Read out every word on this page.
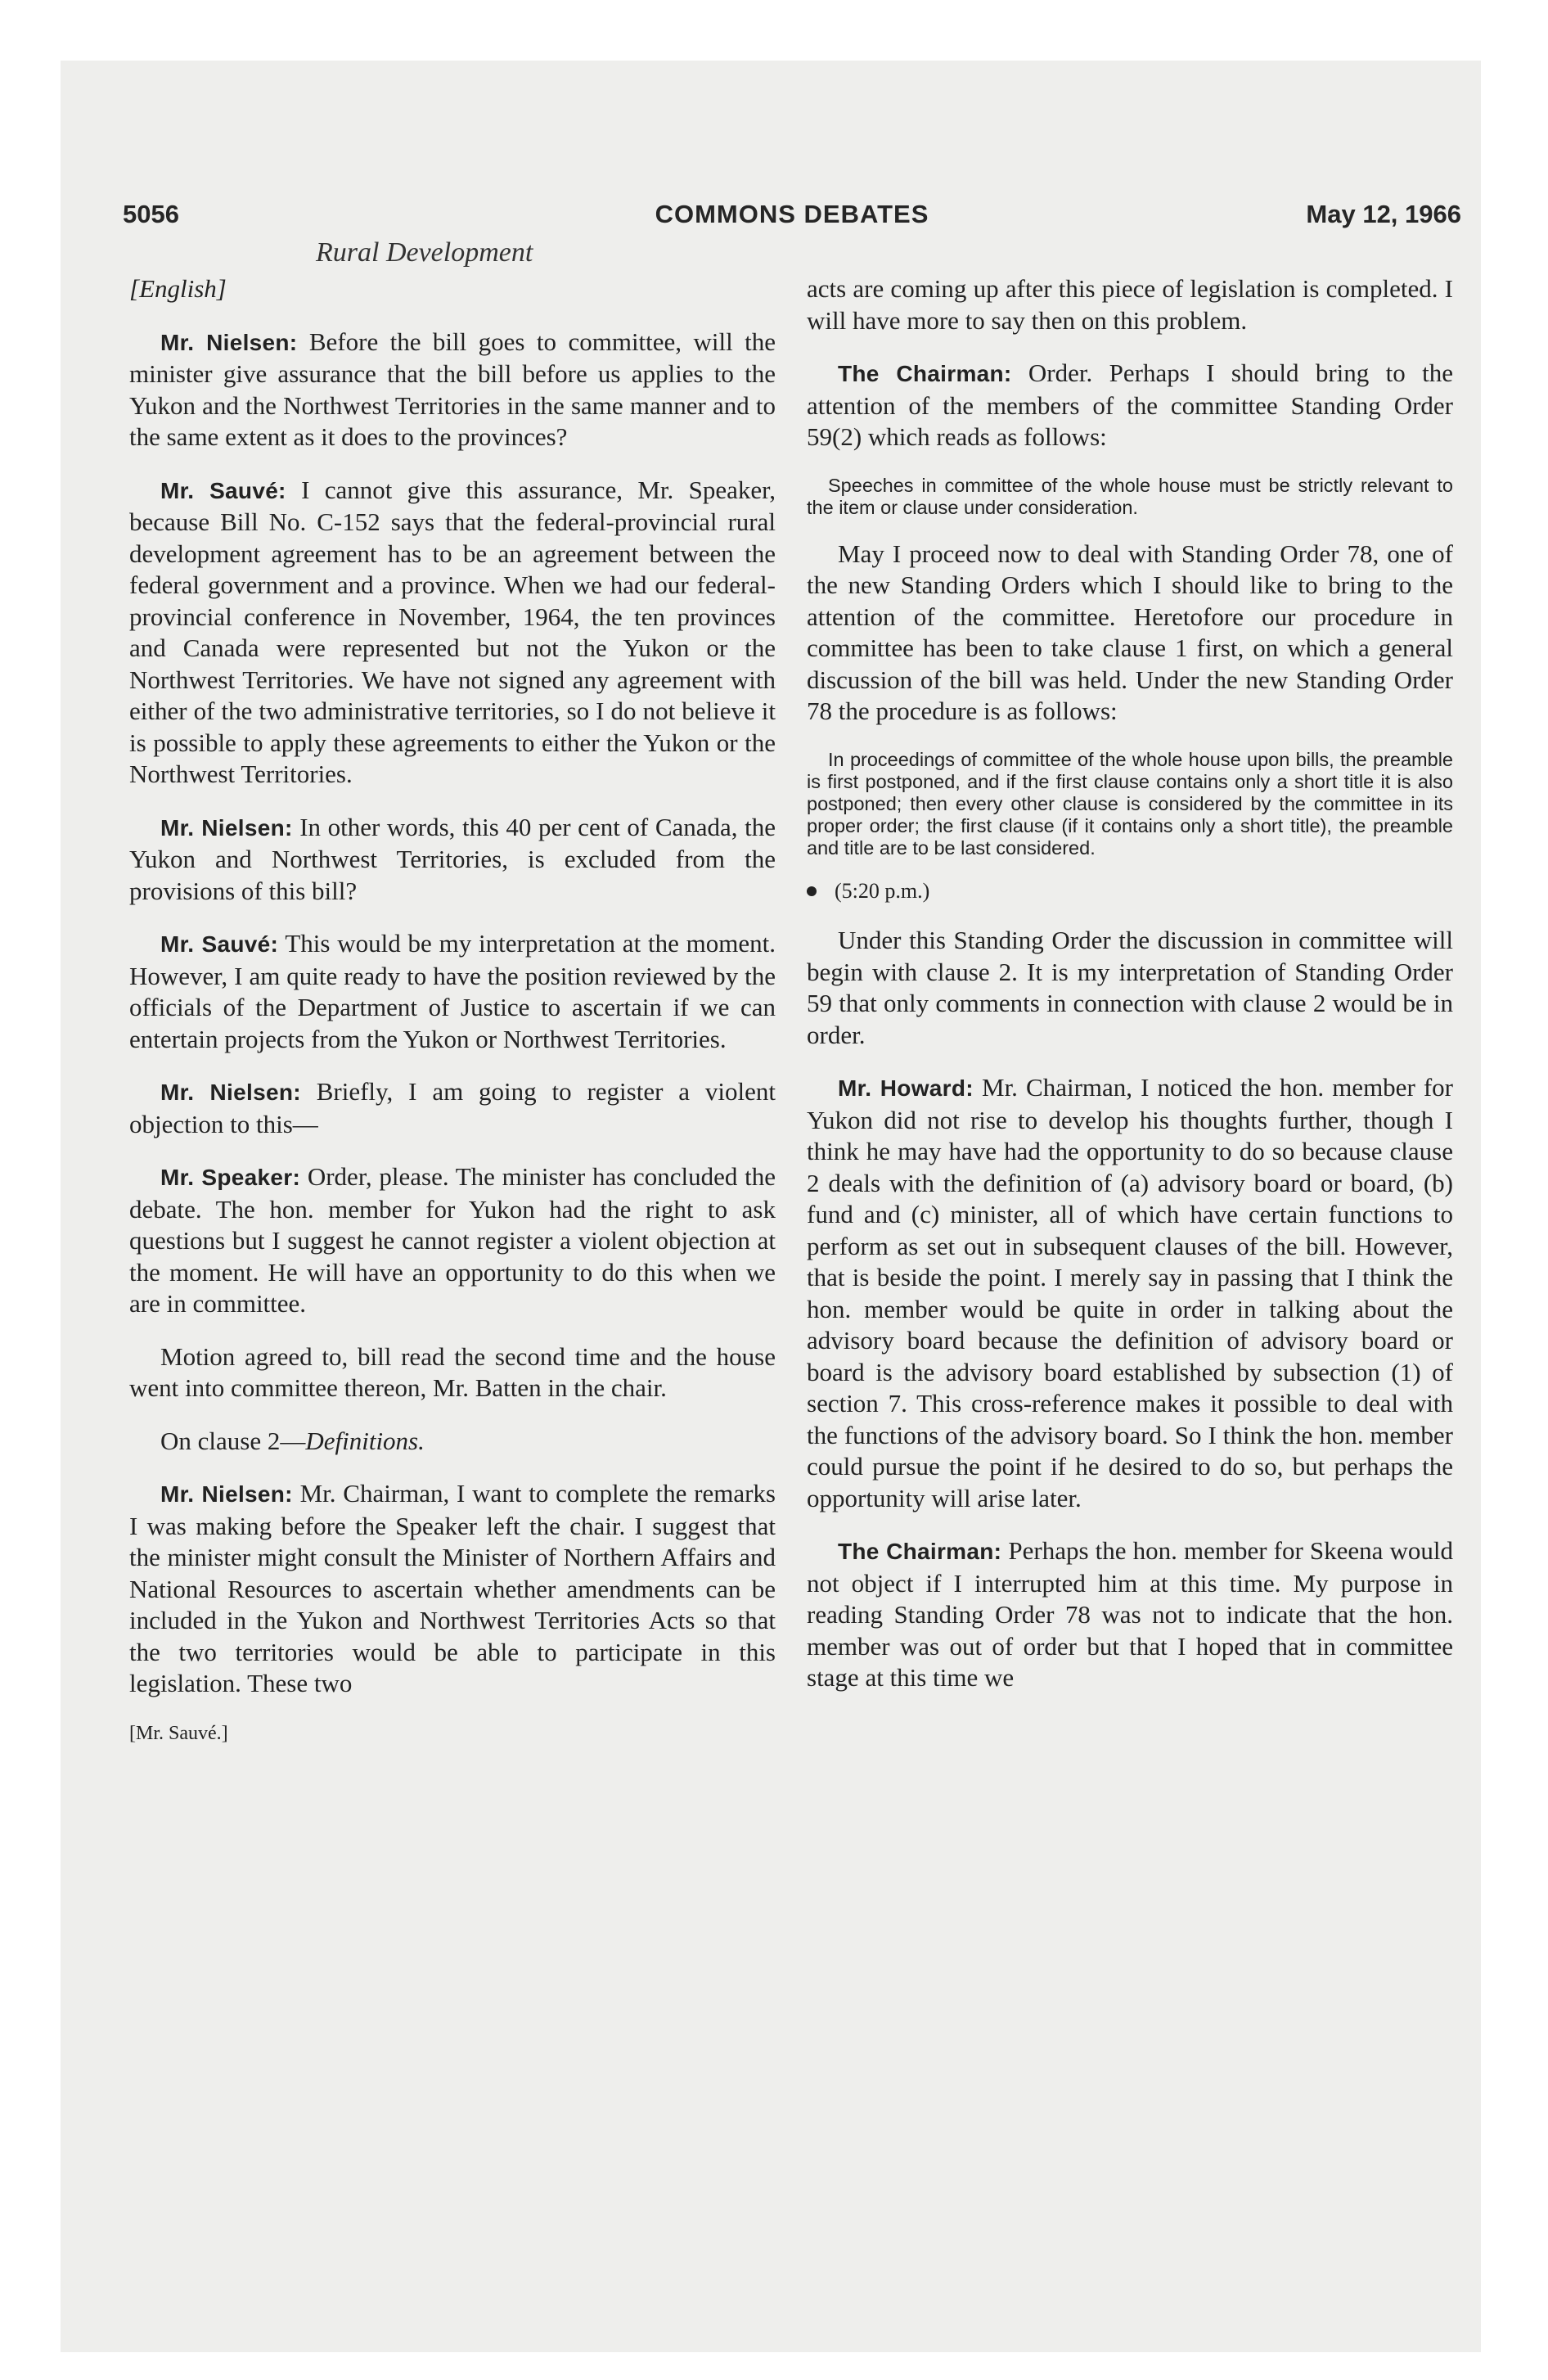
5056	COMMONS DEBATES	May 12, 1966
Rural Development

[English]

Mr. Nielsen: Before the bill goes to committee, will the minister give assurance that the bill before us applies to the Yukon and the Northwest Territories in the same manner and to the same extent as it does to the provinces?

Mr. Sauvé: I cannot give this assurance, Mr. Speaker, because Bill No. C-152 says that the federal-provincial rural development agreement has to be an agreement between the federal government and a province. When we had our federal-provincial conference in November, 1964, the ten provinces and Canada were represented but not the Yukon or the Northwest Territories. We have not signed any agreement with either of the two administrative territories, so I do not believe it is possible to apply these agreements to either the Yukon or the Northwest Territories.

Mr. Nielsen: In other words, this 40 per cent of Canada, the Yukon and Northwest Territories, is excluded from the provisions of this bill?

Mr. Sauvé: This would be my interpretation at the moment. However, I am quite ready to have the position reviewed by the officials of the Department of Justice to ascertain if we can entertain projects from the Yukon or Northwest Territories.

Mr. Nielsen: Briefly, I am going to register a violent objection to this—

Mr. Speaker: Order, please. The minister has concluded the debate. The hon. member for Yukon had the right to ask questions but I suggest he cannot register a violent objection at the moment. He will have an opportunity to do this when we are in committee.

Motion agreed to, bill read the second time and the house went into committee thereon, Mr. Batten in the chair.

On clause 2—Definitions.

Mr. Nielsen: Mr. Chairman, I want to complete the remarks I was making before the Speaker left the chair. I suggest that the minister might consult the Minister of Northern Affairs and National Resources to ascertain whether amendments can be included in the Yukon and Northwest Territories Acts so that the two territories would be able to participate in this legislation. These two

[Mr. Sauvé.]

acts are coming up after this piece of legislation is completed. I will have more to say then on this problem.

The Chairman: Order. Perhaps I should bring to the attention of the members of the committee Standing Order 59(2) which reads as follows:

Speeches in committee of the whole house must be strictly relevant to the item or clause under consideration.

May I proceed now to deal with Standing Order 78, one of the new Standing Orders which I should like to bring to the attention of the committee. Heretofore our procedure in committee has been to take clause 1 first, on which a general discussion of the bill was held. Under the new Standing Order 78 the procedure is as follows:

In proceedings of committee of the whole house upon bills, the preamble is first postponed, and if the first clause contains only a short title it is also postponed; then every other clause is considered by the committee in its proper order; the first clause (if it contains only a short title), the preamble and title are to be last considered.

(5:20 p.m.)

Under this Standing Order the discussion in committee will begin with clause 2. It is my interpretation of Standing Order 59 that only comments in connection with clause 2 would be in order.

Mr. Howard: Mr. Chairman, I noticed the hon. member for Yukon did not rise to develop his thoughts further, though I think he may have had the opportunity to do so because clause 2 deals with the definition of (a) advisory board or board, (b) fund and (c) minister, all of which have certain functions to perform as set out in subsequent clauses of the bill. However, that is beside the point. I merely say in passing that I think the hon. member would be quite in order in talking about the advisory board because the definition of advisory board or board is the advisory board established by subsection (1) of section 7. This cross-reference makes it possible to deal with the functions of the advisory board. So I think the hon. member could pursue the point if he desired to do so, but perhaps the opportunity will arise later.

The Chairman: Perhaps the hon. member for Skeena would not object if I interrupted him at this time. My purpose in reading Standing Order 78 was not to indicate that the hon. member was out of order but that I hoped that in committee stage at this time we
